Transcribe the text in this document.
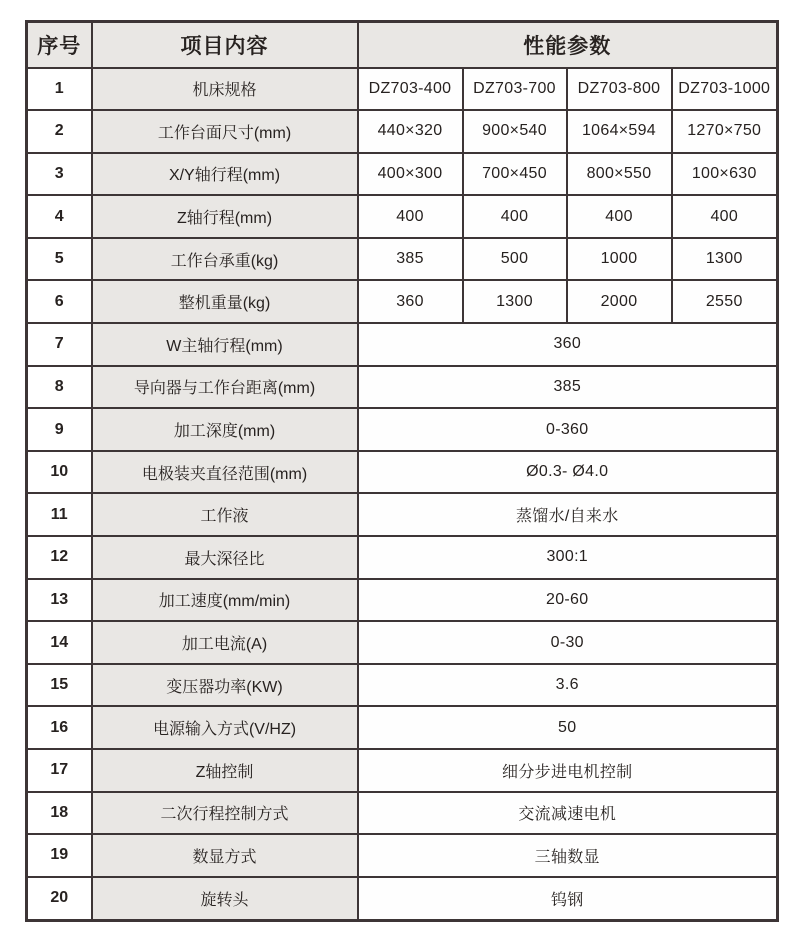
序号	项目内容	性能参数			
1	机床规格	DZ703-400	DZ703-700	DZ703-800	DZ703-1000
2	工作台面尺寸(mm)	440×320	900×540	1064×594	1270×750
3	X/Y轴行程(mm)	400×300	700×450	800×550	100×630
4	Z轴行程(mm)	400	400	400	400
5	工作台承重(kg)	385	500	1000	1300
6	整机重量(kg)	360	1300	2000	2550
7	W主轴行程(mm)	360			
8	导向器与工作台距离(mm)	385			
9	加工深度(mm)	0-360			
10	电极装夹直径范围(mm)	Ø0.3- Ø4.0			
11	工作液	蒸馏水/自来水			
12	最大深径比	300:1			
13	加工速度(mm/min)	20-60			
14	加工电流(A)	0-30			
15	变压器功率(KW)	3.6			
16	电源输入方式(V/HZ)	50			
17	Z轴控制	细分步进电机控制			
18	二次行程控制方式	交流减速电机			
19	数显方式	三轴数显			
20	旋转头	钨钢			
